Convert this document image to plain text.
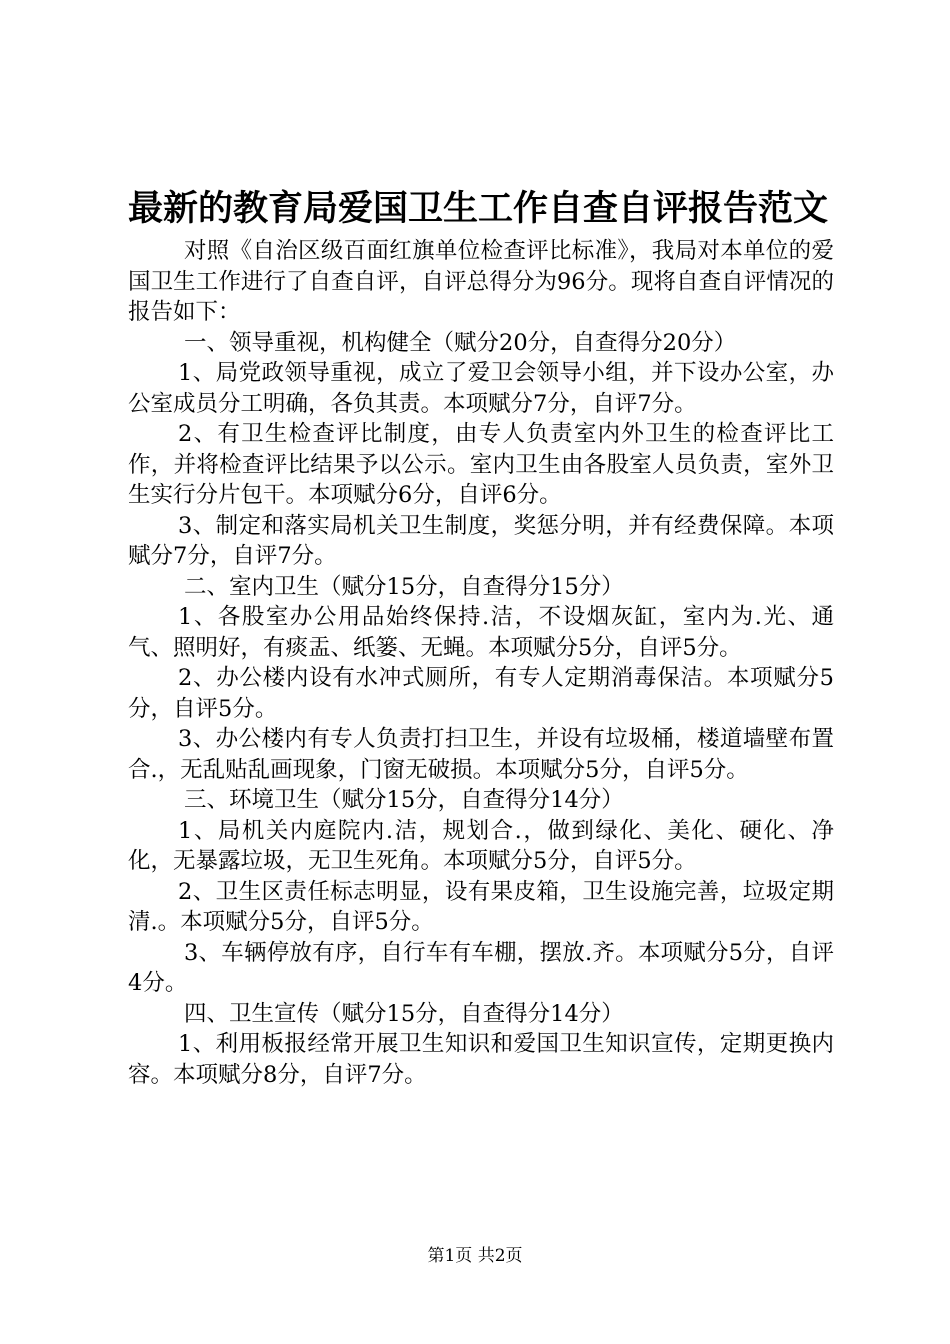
最新的教育局爱国卫生工作自查自评报告范文

对照《自治区级百面红旗单位检查评比标准》，我局对本单位的爱国卫生工作进行了自查自评，自评总得分为96分。现将自查自评情况的报告如下：

一、领导重视，机构健全（赋分20分，自查得分20分）

1、局党政领导重视，成立了爱卫会领导小组，并下设办公室，办公室成员分工明确，各负其责。本项赋分7分，自评7分。

2、有卫生检查评比制度，由专人负责室内外卫生的检查评比工作，并将检查评比结果予以公示。室内卫生由各股室人员负责，室外卫生实行分片包干。本项赋分6分，自评6分。

3、制定和落实局机关卫生制度，奖惩分明，并有经费保障。本项赋分7分，自评7分。

二、室内卫生（赋分15分，自查得分15分）

1、各股室办公用品始终保持.洁，不设烟灰缸，室内为.光、通气、照明好，有痰盂、纸篓、无蝇。本项赋分5分，自评5分。

2、办公楼内设有水冲式厕所，有专人定期消毒保洁。本项赋分5分，自评5分。

3、办公楼内有专人负责打扫卫生，并设有垃圾桶，楼道墙壁布置合.，无乱贴乱画现象，门窗无破损。本项赋分5分，自评5分。

三、环境卫生（赋分15分，自查得分14分）

1、局机关内庭院内.洁，规划合.，做到绿化、美化、硬化、净化，无暴露垃圾，无卫生死角。本项赋分5分，自评5分。

2、卫生区责任标志明显，设有果皮箱，卫生设施完善，垃圾定期清.。本项赋分5分，自评5分。

3、车辆停放有序，自行车有车棚，摆放.齐。本项赋分5分，自评4分。

四、卫生宣传（赋分15分，自查得分14分）

1、利用板报经常开展卫生知识和爱国卫生知识宣传，定期更换内容。本项赋分8分，自评7分。

第1页 共2页
